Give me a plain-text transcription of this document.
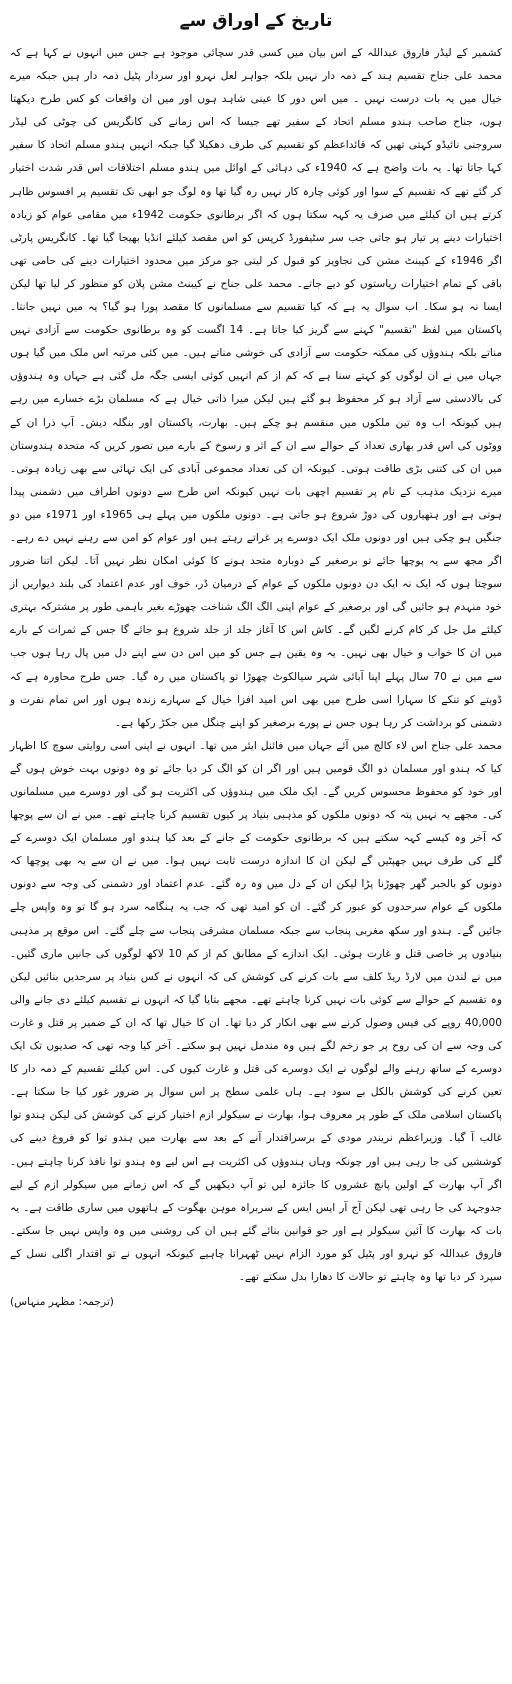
تاریخ کے اوراق سے

کشمیر کے لیڈر فاروق عبداللہ کے اس بیان میں کسی قدر سچائی موجود ہے جس میں انہوں نے کہا ہے کہ محمد علی جناح تقسیم ہند کے ذمہ دار نہیں بلکہ جواہر لعل نہرو اور سردار پٹیل ذمہ دار ہیں جبکہ میرے خیال میں یہ بات درست نہیں ۔ میں اس دور کا عینی شاہد ہوں اور میں ان واقعات کو کس طرح دیکھتا ہوں، جناح صاحب ہندو مسلم اتحاد کے سفیر تھے جیسا کہ اس زمانے کی کانگریس کی چوٹی کی لیڈر سروجنی نائیڈو کہتی تھیں کہ قائداعظم کو تقسیم کی طرف دھکیلا گیا جبکہ انہیں ہندو مسلم اتحاد کا سفیر کہا جاتا تھا۔ یہ بات واضح ہے کہ 1940ء کی دہائی کے اوائل میں ہندو مسلم اختلافات اس قدر شدت اختیار کر گئے تھے کہ تقسیم کے سوا اور کوئی چارہ کار نہیں رہ گیا تھا وہ لوگ جو ابھی تک تقسیم پر افسوس ظاہر کرتے ہیں ان کیلئے میں صرف یہ کہہ سکتا ہوں کہ اگر برطانوی حکومت 1942ء میں مقامی عوام کو زیادہ اختیارات دینے پر تیار ہو جاتی جب سر سٹیفورڈ کرپس کو اس مقصد کیلئے انڈیا بھیجا گیا تھا۔ کانگریس پارٹی اگر 1946ء کے کیبنٹ مشن کی تجاویز کو قبول کر لیتی جو مرکز میں محدود اختیارات دینے کی حامی تھی باقی کے تمام اختیارات ریاستوں کو دیے جاتے۔ محمد علی جناح نے کیبنٹ مشن پلان کو منظور کر لیا تھا لیکن ایسا نہ ہو سکا۔ اب سوال یہ ہے کہ کیا تقسیم سے مسلمانوں کا مقصد پورا ہو گیا؟ یہ میں نہیں جانتا۔ پاکستان میں لفظ "تقسیم" کہنے سے گریز کیا جاتا ہے۔ 14 اگست کو وہ برطانوی حکومت سے آزادی نہیں مناتے بلکہ ہندوؤں کی ممکنہ حکومت سے آزادی کی خوشی مناتے ہیں۔ میں کئی مرتبہ اس ملک میں گیا ہوں جہاں میں نے ان لوگوں کو کہتے سنا ہے کہ کم از کم انہیں کوئی ایسی جگہ مل گئی ہے جہاں وہ ہندوؤں کی بالادستی سے آزاد ہو کر محفوظ ہو گئے ہیں لیکن میرا ذاتی خیال ہے کہ مسلمان بڑے خسارے میں رہے ہیں کیونکہ اب وہ تین ملکوں میں منقسم ہو چکے ہیں۔ بھارت، پاکستان اور بنگلہ دیش۔ آپ ذرا ان کے ووٹوں کی اس قدر بھاری تعداد کے حوالے سے ان کے اثر و رسوخ کے بارے میں تصور کریں کہ متحدہ ہندوستان میں ان کی کتنی بڑی طاقت ہوتی۔ کیونکہ ان کی تعداد مجموعی آبادی کی ایک تہائی سے بھی زیادہ ہوتی۔ میرے نزدیک مذہب کے نام پر تقسیم اچھی بات نہیں کیونکہ اس طرح سے دونوں اطراف میں دشمنی پیدا ہوتی ہے اور ہتھیاروں کی دوڑ شروع ہو جاتی ہے۔ دونوں ملکوں میں پہلے ہی 1965ء اور 1971ء میں دو جنگیں ہو چکی ہیں اور دونوں ملک ایک دوسرے پر غراتے رہتے ہیں اور عوام کو امن سے رہنے نہیں دے رہے۔ اگر مجھ سے یہ پوچھا جائے تو برصغیر کے دوبارہ متحد ہونے کا کوئی امکان نظر نہیں آتا۔ لیکن اتنا ضرور سوچتا ہوں کہ ایک نہ ایک دن دونوں ملکوں کے عوام کے درمیان ڈر، خوف اور عدم اعتماد کی بلند دیواریں از خود منہدم ہو جائیں گی اور برصغیر کے عوام اپنی الگ الگ شناخت چھوڑے بغیر باہمی طور پر مشترکہ بہتری کیلئے مل جل کر کام کرنے لگیں گے۔ کاش اس کا آغاز جلد از جلد شروع ہو جائے گا جس کے ثمرات کے بارے میں ان کا خواب و خیال بھی نہیں۔ یہ وہ یقین ہے جس کو میں اس دن سے اپنے دل میں پال رہا ہوں جب سے میں نے 70 سال پہلے اپنا آبائی شہر سیالکوٹ چھوڑا تو پاکستان میں رہ گیا۔ جس طرح محاورہ ہے کہ ڈوبتے کو تنکے کا سہارا اسی طرح میں بھی اس امید افزا خیال کے سہارے زندہ ہوں اور اس تمام نفرت و دشمنی کو برداشت کر رہا ہوں جس نے پورے برصغیر کو اپنے چنگل میں جکڑ رکھا ہے۔

محمد علی جناح اس لاء کالج میں آئے جہاں میں فائنل ایئر میں تھا۔ انہوں نے اپنی اسی روایتی سوچ کا اظہار کیا کہ ہندو اور مسلمان دو الگ قومیں ہیں اور اگر ان کو الگ کر دیا جائے تو وہ دونوں بہت خوش ہوں گے اور خود کو محفوظ محسوس کریں گے۔ ایک ملک میں ہندوؤں کی اکثریت ہو گی اور دوسرے میں مسلمانوں کی۔ مجھے یہ نہیں پتہ کہ دونوں ملکوں کو مذہبی بنیاد پر کیوں تقسیم کرنا چاہتے تھے۔ میں نے ان سے پوچھا کہ آخر وہ کیسے کہہ سکتے ہیں کہ برطانوی حکومت کے جانے کے بعد کیا ہندو اور مسلمان ایک دوسرے کے گلے کی طرف نہیں جھپٹیں گے لیکن ان کا اندازہ درست ثابت نہیں ہوا۔ میں نے ان سے یہ بھی پوچھا کہ دونوں کو بالجبر گھر چھوڑنا پڑا لیکن ان کے دل میں وہ رہ گئے۔ عدم اعتماد اور دشمنی کی وجہ سے دونوں ملکوں کے عوام سرحدوں کو عبور کر گئے۔ ان کو امید تھی کہ جب یہ ہنگامہ سرد ہو گا تو وہ واپس چلے جائیں گے۔ ہندو اور سکھ مغربی پنجاب سے جبکہ مسلمان مشرقی پنجاب سے چلے گئے۔ اس موقع پر مذہبی بنیادوں پر خاصی قتل و غارت ہوئی۔ ایک اندازے کے مطابق کم از کم 10 لاکھ لوگوں کی جانیں ماری گئیں۔ میں نے لندن میں لارڈ ریڈ کلف سے بات کرنے کی کوشش کی کہ انہوں نے کس بنیاد پر سرحدیں بنائیں لیکن وہ تقسیم کے حوالے سے کوئی بات نہیں کرنا چاہتے تھے۔ مجھے بتایا گیا کہ انہوں نے تقسیم کیلئے دی جانے والی 40,000 روپے کی فیس وصول کرنے سے بھی انکار کر دیا تھا۔ ان کا خیال تھا کہ ان کے ضمیر پر قتل و غارت کی وجہ سے ان کی روح پر جو زخم لگے ہیں وہ مندمل نہیں ہو سکتے۔ آخر کیا وجہ تھی کہ صدیوں تک ایک دوسرے کے ساتھ رہنے والے لوگوں نے ایک دوسرے کی قتل و غارت کیوں کی۔ اس کیلئے تقسیم کے ذمہ دار کا تعین کرنے کی کوشش بالکل بے سود ہے۔ ہاں علمی سطح پر اس سوال پر ضرور غور کیا جا سکتا ہے۔ پاکستان اسلامی ملک کے طور پر معروف ہوا، بھارت نے سیکولر ازم اختیار کرنے کی کوشش کی لیکن ہندو توا غالب آ گیا۔ وزیراعظم نریندر مودی کے برسراقتدار آنے کے بعد سے بھارت میں ہندو توا کو فروغ دینے کی کوششیں کی جا رہی ہیں اور چونکہ وہاں ہندوؤں کی اکثریت ہے اس لیے وہ ہندو توا نافذ کرنا چاہتے ہیں۔ اگر آپ بھارت کے اولین پانچ عشروں کا جائزہ لیں تو آپ دیکھیں گے کہ اس زمانے میں سیکولر ازم کے لیے جدوجہد کی جا رہی تھی لیکن آج آر ایس ایس کے سربراہ موہن بھگوت کے ہاتھوں میں ساری طاقت ہے۔ یہ بات کہ بھارت کا آئین سیکولر ہے اور جو قوانین بنائے گئے ہیں ان کی روشنی میں وہ واپس نہیں جا سکتے۔ فاروق عبداللہ کو نہرو اور پٹیل کو مورد الزام نہیں ٹھہرانا چاہیے کیونکہ انہوں نے تو اقتدار اگلی نسل کے سپرد کر دیا تھا وہ چاہتے تو حالات کا دھارا بدل سکتے تھے۔

(ترجمہ: مظہر منہاس)
